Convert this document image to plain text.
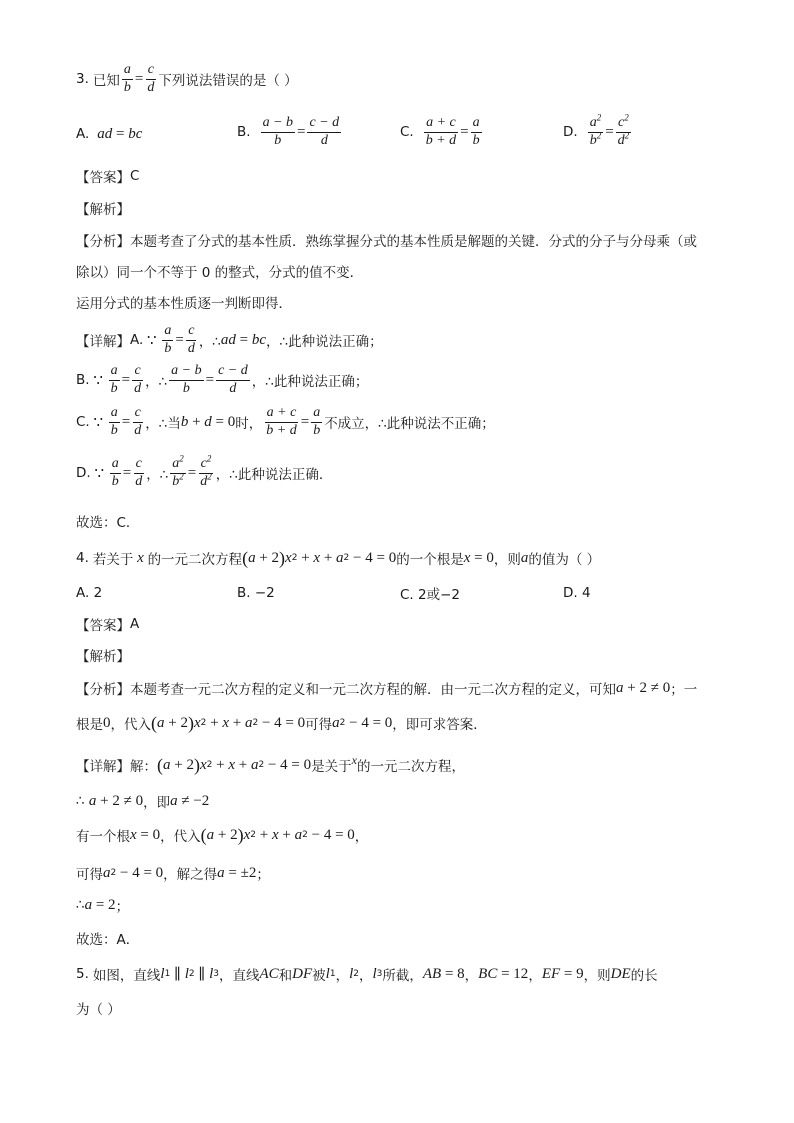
3. 已知 $\frac{a}{b} = \frac{c}{d}$ 下列说法错误的是（ ）
A. ad = bc	B. $\frac{a - b}{b} = \frac{c - d}{d}$	C. $\frac{a + c}{b + d} = \frac{a}{b}$	D. $\frac{a^2}{b^2} = \frac{c^2}{d^2}$
【答案】 C
【解析】
【分析】 本题考查了分式的基本性质．熟练掌握分式的基本性质是解题的关键．分式的分子与分母乘（或
除以）同一个不等于 0 的整式，分式的值不变．
运用分式的基本性质逐一判断即得．
【详解】 A. ∵ $\frac{a}{b} = \frac{c}{d}$ ，∴ ad = bc ，∴此种说法正确；
B. ∵ $\frac{a}{b} = \frac{c}{d}$ ，∴ $\frac{a - b}{b} = \frac{c - d}{d}$ ，∴此种说法正确；
C. ∵ $\frac{a}{b} = \frac{c}{d}$ ，∴当 b + d = 0 时， $\frac{a + c}{b + d} = \frac{a}{b}$ 不成立，∴此种说法不正确；
D. ∵ $\frac{a}{b} = \frac{c}{d}$ ，∴ $\frac{a^2}{b^2} = \frac{c^2}{d^2}$ ，∴此种说法正确．
故选：C．
4. 若关于 x 的一元二次方程 ( a + 2 ) x 2 + x + a 2 − 4 = 0 的一个根是 x = 0 ，则 a 的值为（ ）
A. 2	B. −2	C. 2或−2	D. 4
【答案】 A
【解析】
【分析】 本题考查一元二次方程的定义和一元二次方程的解．由一元二次方程的定义，可知 a + 2 ≠ 0 ；一
根是 0 ，代入 ( a + 2 ) x 2 + x + a 2 − 4 = 0 可得 a 2 − 4 = 0 ，即可求答案．
【详解】 解： ( a + 2 ) x 2 + x + a 2 − 4 = 0 是关于 x 的一元二次方程，
∴
a + 2 ≠ 0 ，即 a ≠ −2
有一个根 x = 0 ，代入 ( a + 2 ) x 2 + x + a 2 − 4 = 0 ，
可得 a 2 − 4 = 0 ，解之得 a = ±2 ；
∴ a = 2 ；
故选：A．
5. 如图，直线 l 1 ∥ l 2 ∥ l 3 ，直线 AC 和 DF 被 l 1 ， l 2 ， l 3 所截， AB = 8 ， BC = 12 ， EF = 9 ，则 DE 的长
为（ ）
